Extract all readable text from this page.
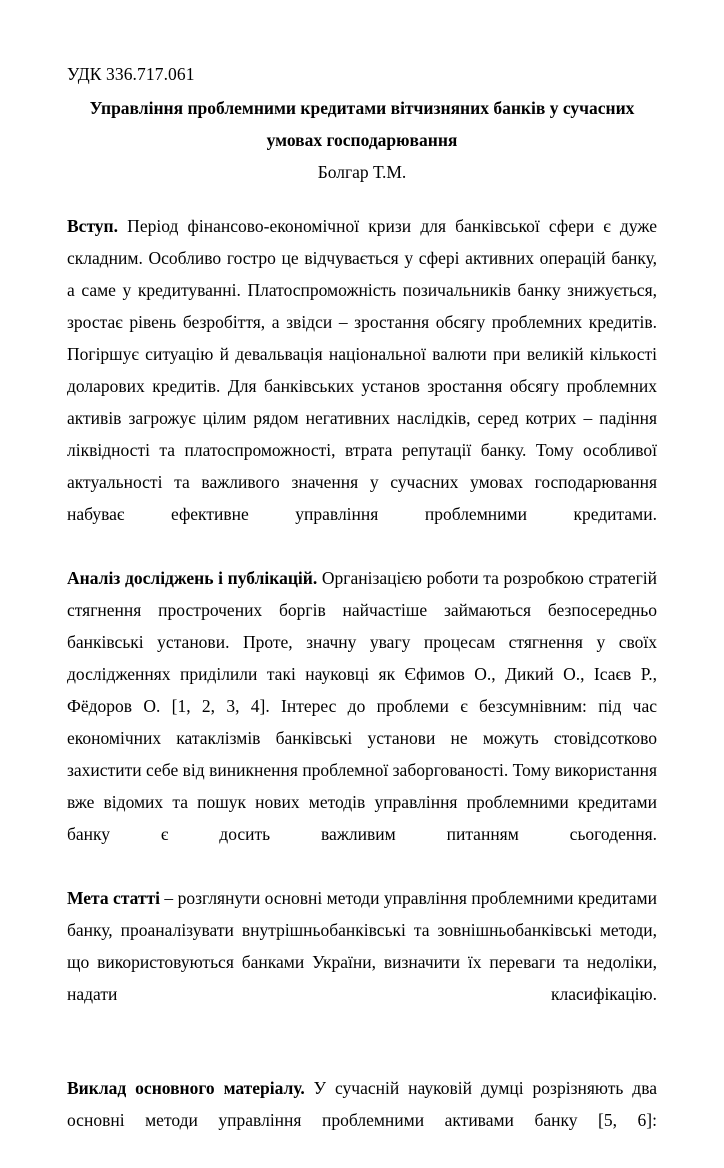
УДК 336.717.061
Управління проблемними кредитами вітчизняних банків у сучасних
умовах господарювання
Болгар Т.М.

Вступ. Період фінансово-економічної кризи для банківської сфери є дуже складним. Особливо гостро це відчувається у сфері активних операцій банку, а саме у кредитуванні. Платоспроможність позичальників банку знижується, зростає рівень безробіття, а звідси – зростання обсягу проблемних кредитів. Погіршує ситуацію й девальвація національної валюти при великій кількості доларових кредитів. Для банківських установ зростання обсягу проблемних активів загрожує цілим рядом негативних наслідків, серед котрих – падіння ліквідності та платоспроможності, втрата репутації банку. Тому особливої актуальності та важливого значення у сучасних умовах господарювання набуває ефективне управління проблемними кредитами.

Аналіз досліджень і публікацій. Організацією роботи та розробкою стратегій стягнення прострочених боргів найчастіше займаються безпосередньо банківські установи. Проте, значну увагу процесам стягнення у своїх дослідженнях приділили такі науковці як Єфимов О., Дикий О., Ісаєв Р., Фёдоров О. [1, 2, 3, 4]. Інтерес до проблеми є безсумнівним: під час економічних катаклізмів банківські установи не можуть стовідсотково захистити себе від виникнення проблемної заборгованості. Тому використання вже відомих та пошук нових методів управління проблемними кредитами банку є досить важливим питанням сьогодення.

Мета статті – розглянути основні методи управління проблемними кредитами банку, проаналізувати внутрішньобанківські та зовнішньобанківські методи, що використовуються банками України, визначити їх переваги та недоліки, надати класифікацію.

Виклад основного матеріалу. У сучасній науковій думці розрізняють два основні методи управління проблемними активами банку [5, 6]:
